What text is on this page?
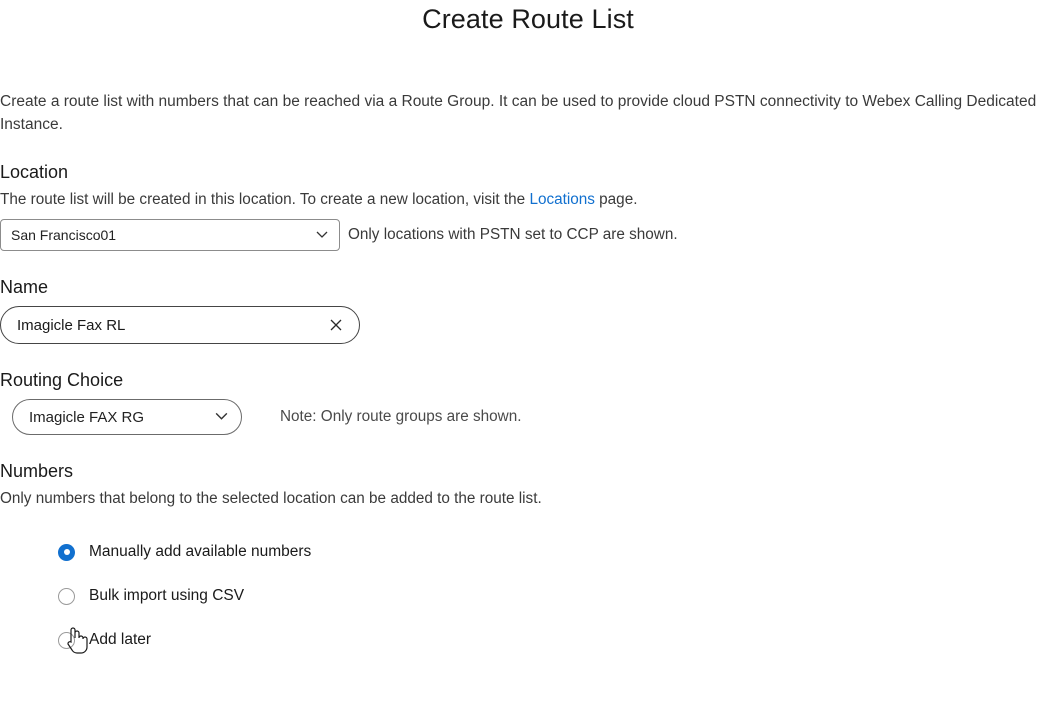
Create Route List

Create a route list with numbers that can be reached via a Route Group. It can be used to provide cloud PSTN connectivity to Webex Calling Dedicated Instance.

Location

The route list will be created in this location. To create a new location, visit the Locations page.

San Francisco01	Only locations with PSTN set to CCP are shown.
Name
Imagicle Fax RL
Routing Choice
Imagicle FAX RG	Note: Only route groups are shown.
Numbers

Only numbers that belong to the selected location can be added to the route list.

Manually add available numbers
Bulk import using CSV
Add later
